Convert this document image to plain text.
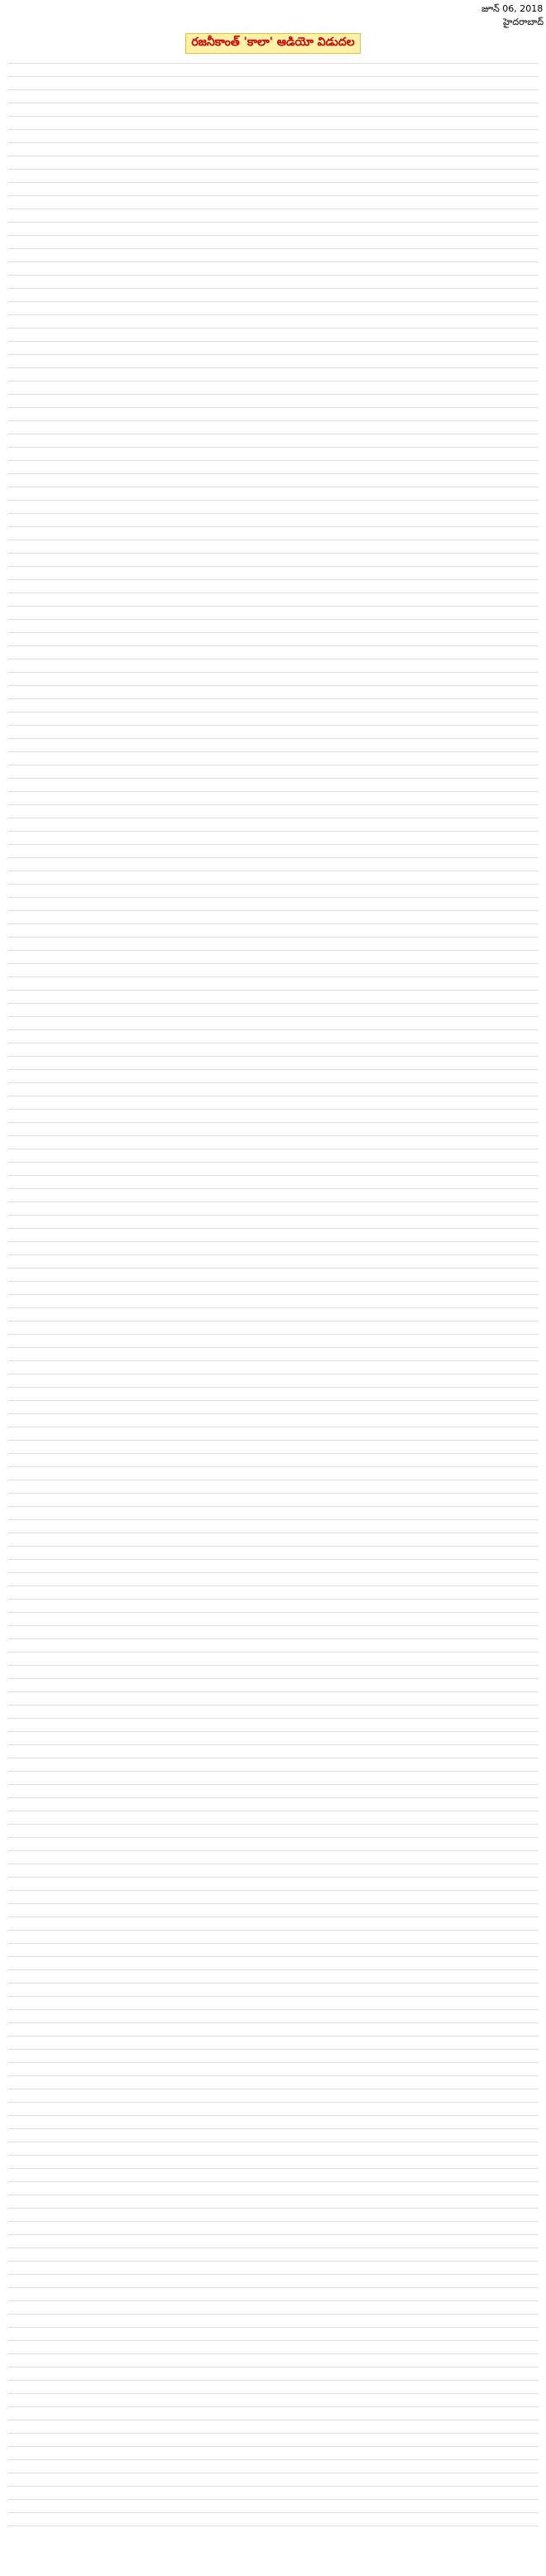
జూన్ 06, 2018
హైదరాబాద్
రజనీకాంత్ 'కాలా' ఆడియో విడుదల
